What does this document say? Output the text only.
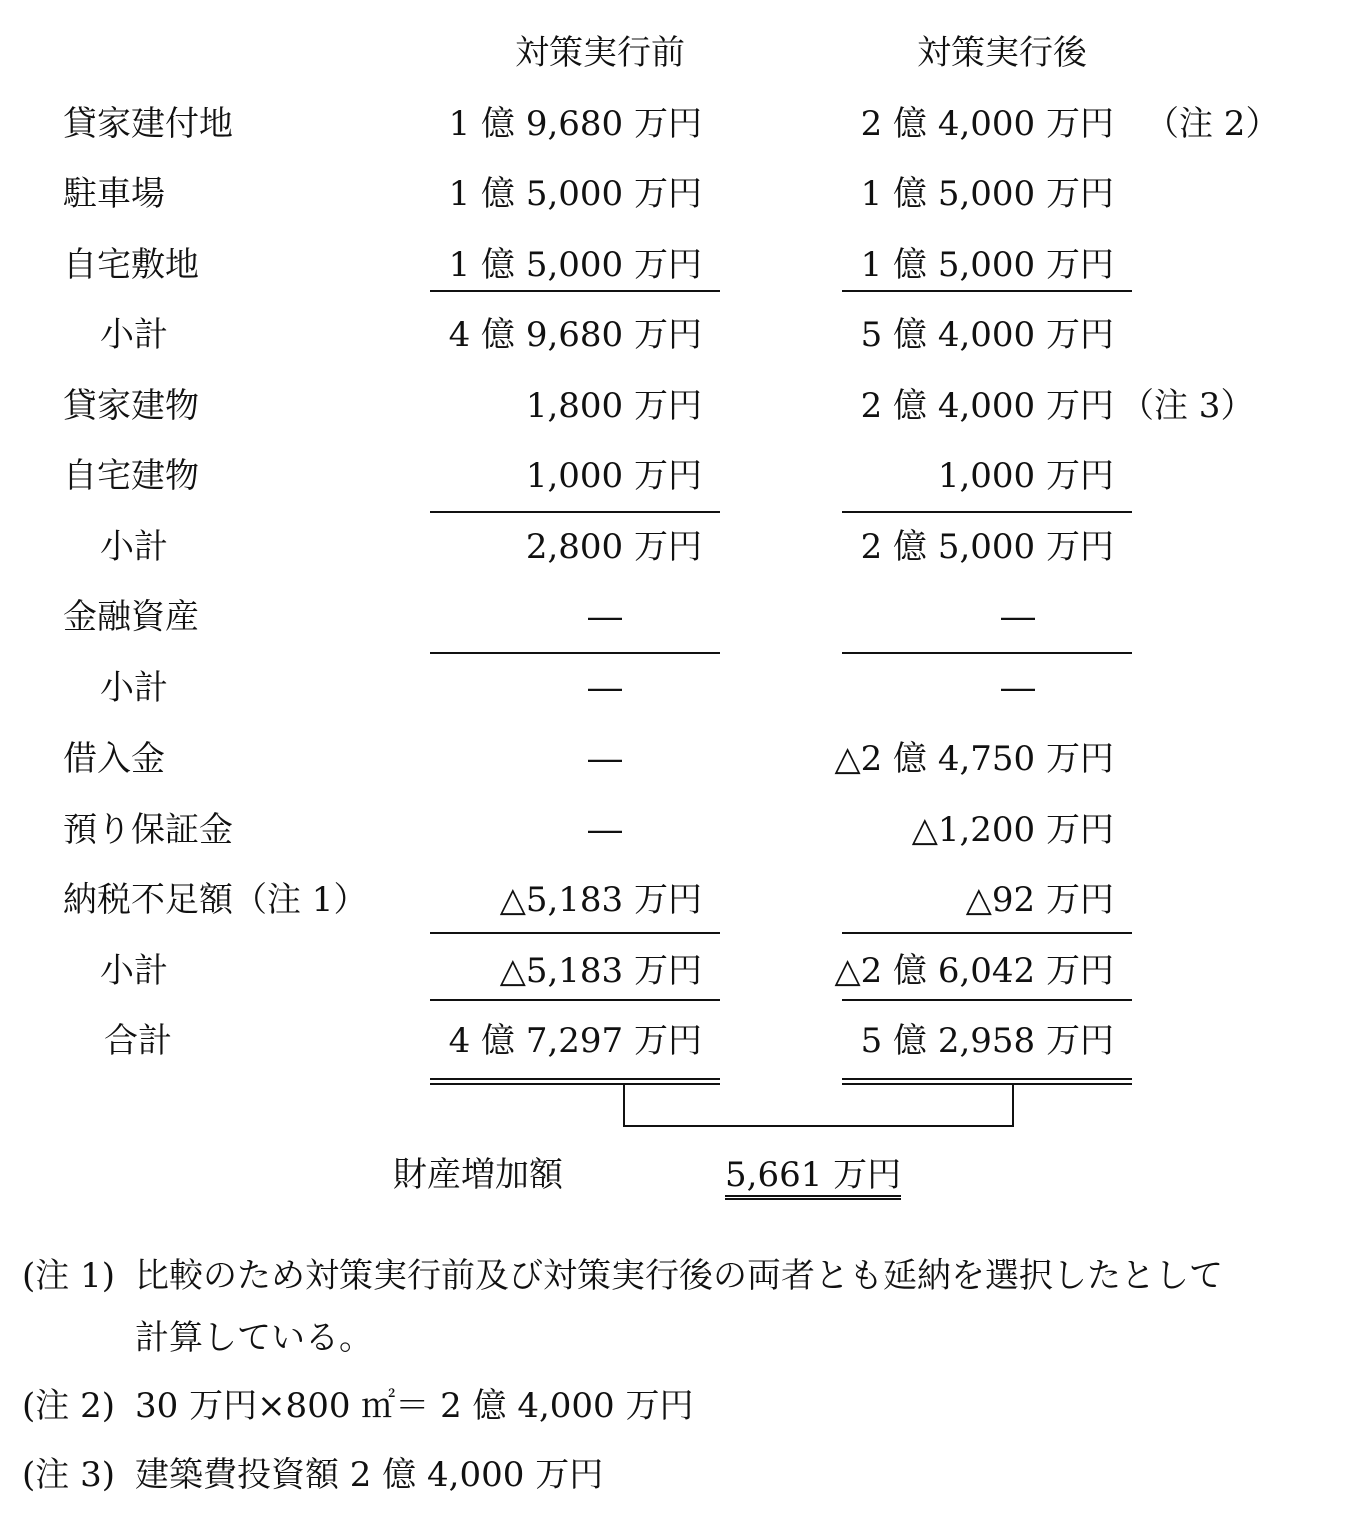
対策実行前	対策実行後
貸家建付地	1 億 9,680 万円	2 億 4,000 万円 （注 2）
駐車場	1 億 5,000 万円	1 億 5,000 万円
自宅敷地	1 億 5,000 万円	1 億 5,000 万円
小計	4 億 9,680 万円	5 億 4,000 万円
貸家建物	1,800 万円	2 億 4,000 万円 （注 3）
自宅建物	1,000 万円	1,000 万円
小計	2,800 万円	2 億 5,000 万円
金融資産	―	―
小計	―	―
借入金	―	△2 億 4,750 万円
預り保証金	―	△1,200 万円
納税不足額（注 1）	△5,183 万円	△92 万円
小計	△5,183 万円	△2 億 6,042 万円
合計	4 億 7,297 万円	5 億 2,958 万円
財産増加額	5,661 万円
(注 1) 比較のため対策実行前及び対策実行後の両者とも延納を選択したとして
計算している。
(注 2) 30 万円×800 ㎡＝ 2 億 4,000 万円
(注 3) 建築費投資額 2 億 4,000 万円
